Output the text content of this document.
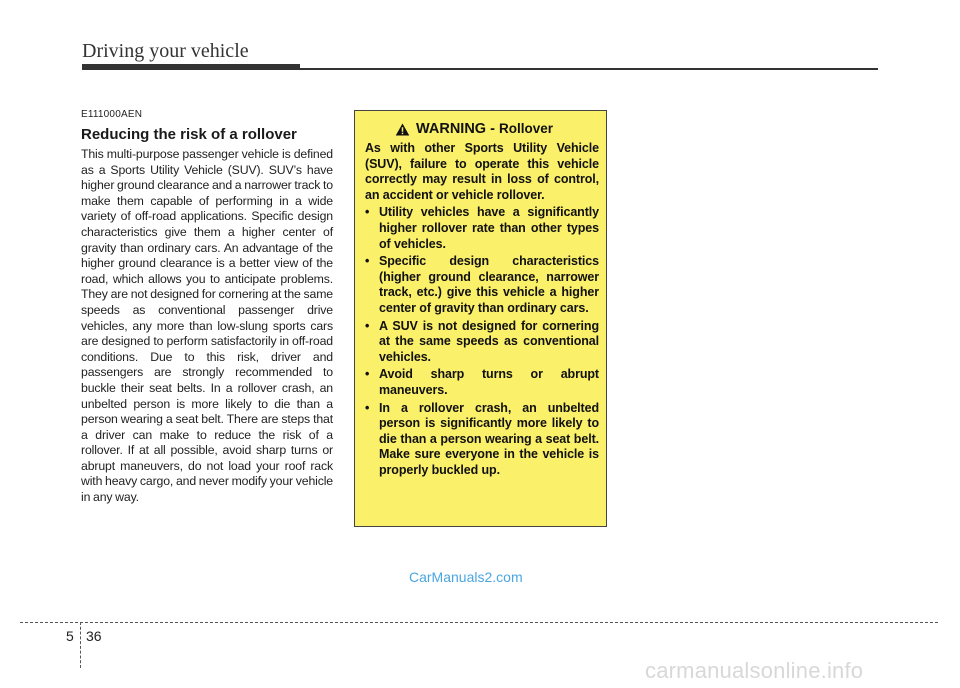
Driving your vehicle
E111000AEN
Reducing the risk of a rollover
This multi-purpose passenger vehicle is defined as a Sports Utility Vehicle (SUV). SUV’s have higher ground clearance and a narrower track to make them capable of performing in a wide variety of off-road applications. Specific design characteristics give them a higher center of gravity than ordinary cars. An advantage of the higher ground clearance is a better view of the road, which allows you to anticipate problems. They are not designed for cornering at the same speeds as conventional passenger drive vehicles, any more than low-slung sports cars are designed to perform satisfactorily in off-road conditions. Due to this risk, driver and passengers are strongly recommended to buckle their seat belts. In a rollover crash, an unbelted person is more likely to die than a person wearing a seat belt. There are steps that a driver can make to reduce the risk of a rollover. If at all possible, avoid sharp turns or abrupt maneuvers, do not load your roof rack with heavy cargo, and never modify your vehicle in any way.
WARNING - Rollover
As with other Sports Utility Vehicle (SUV), failure to operate this vehicle correctly may result in loss of control, an accident or vehicle rollover.
• Utility vehicles have a significantly higher rollover rate than other types of vehicles.
• Specific design characteristics (higher ground clearance, narrower track, etc.) give this vehicle a higher center of gravity than ordinary cars.
• A SUV is not designed for cornering at the same speeds as conventional vehicles.
• Avoid sharp turns or abrupt maneuvers.
• In a rollover crash, an unbelted person is significantly more likely to die than a person wearing a seat belt. Make sure everyone in the vehicle is properly buckled up.
CarManuals2.com
5 36
carmanualsonline.info
